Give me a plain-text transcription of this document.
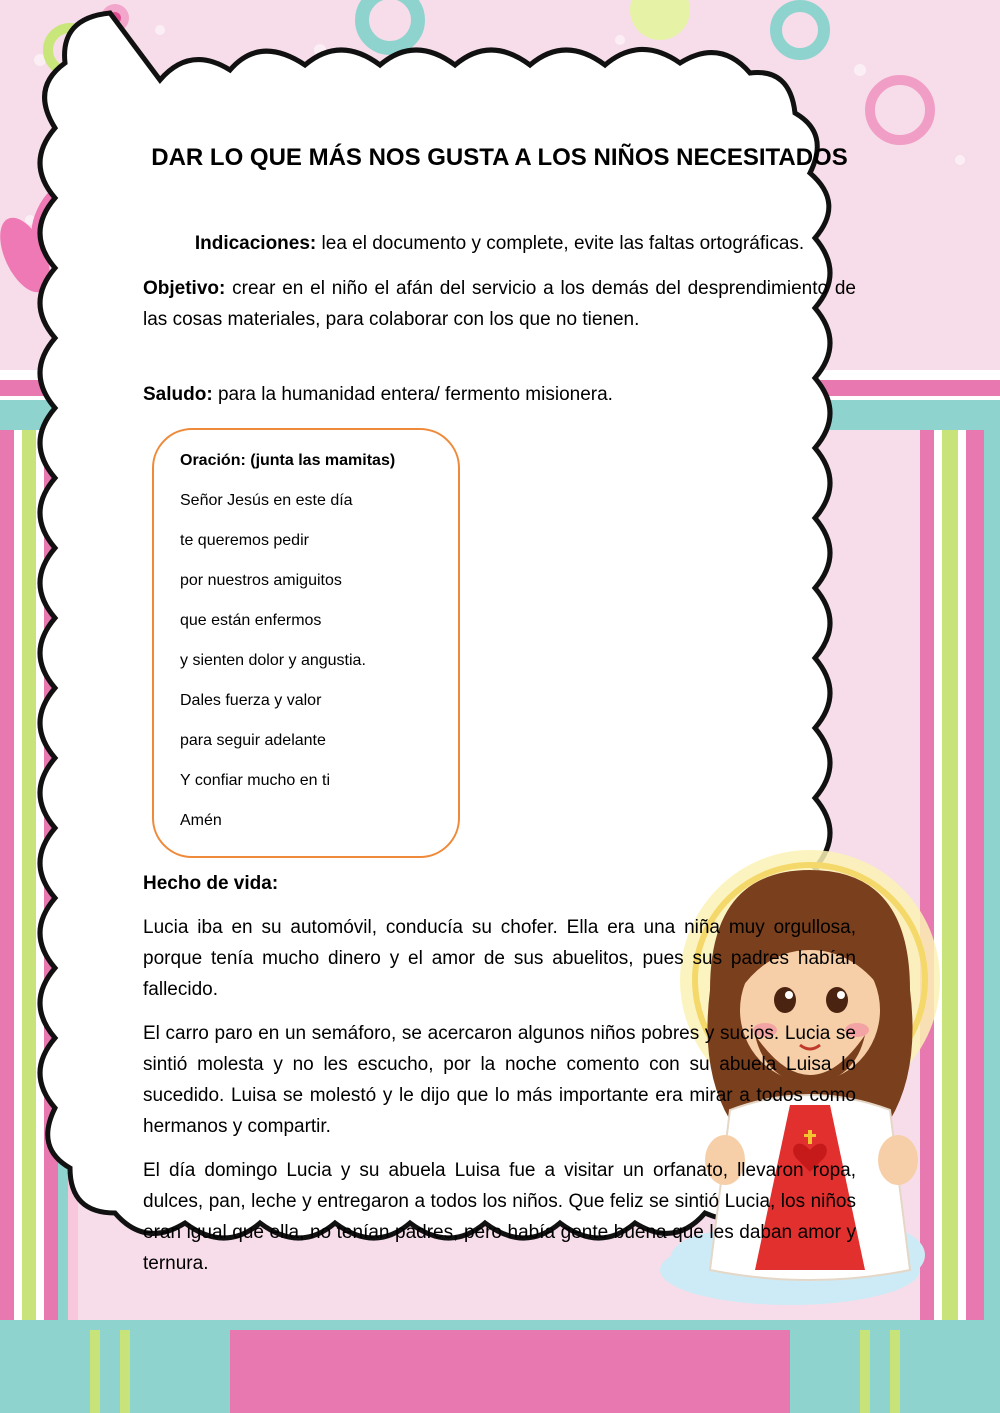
DAR LO QUE MÁS NOS GUSTA A LOS NIÑOS NECESITADOS

Indicaciones: lea el documento y complete, evite las faltas ortográficas.

Objetivo: crear en el niño el afán del servicio a los demás del desprendimiento de las cosas materiales, para colaborar con los que no tienen.

Saludo: para la humanidad entera/ fermento misionera.

Oración: (junta las mamitas)

Señor Jesús en este día

te queremos pedir

por nuestros amiguitos

que están enfermos

y sienten dolor y angustia.

Dales fuerza y valor

para seguir adelante

Y confiar mucho en ti

Amén

Hecho de vida:

Lucia iba en su automóvil, conducía su chofer. Ella era una niña muy orgullosa, porque tenía mucho dinero y el amor de sus abuelitos, pues sus padres habían fallecido.

El carro paro en un semáforo, se acercaron algunos niños pobres y sucios. Lucia se sintió molesta y no les escucho, por la noche comento con su abuela Luisa lo sucedido. Luisa se molestó y le dijo que lo más importante era mirar a todos como hermanos y compartir.

El día domingo Lucia y su abuela Luisa fue a visitar un orfanato, llevaron ropa, dulces, pan, leche y entregaron a todos los niños. Que feliz se sintió Lucia, los niños eran igual que ella, no tenían padres, pero había gente buena que les daban amor y ternura.
